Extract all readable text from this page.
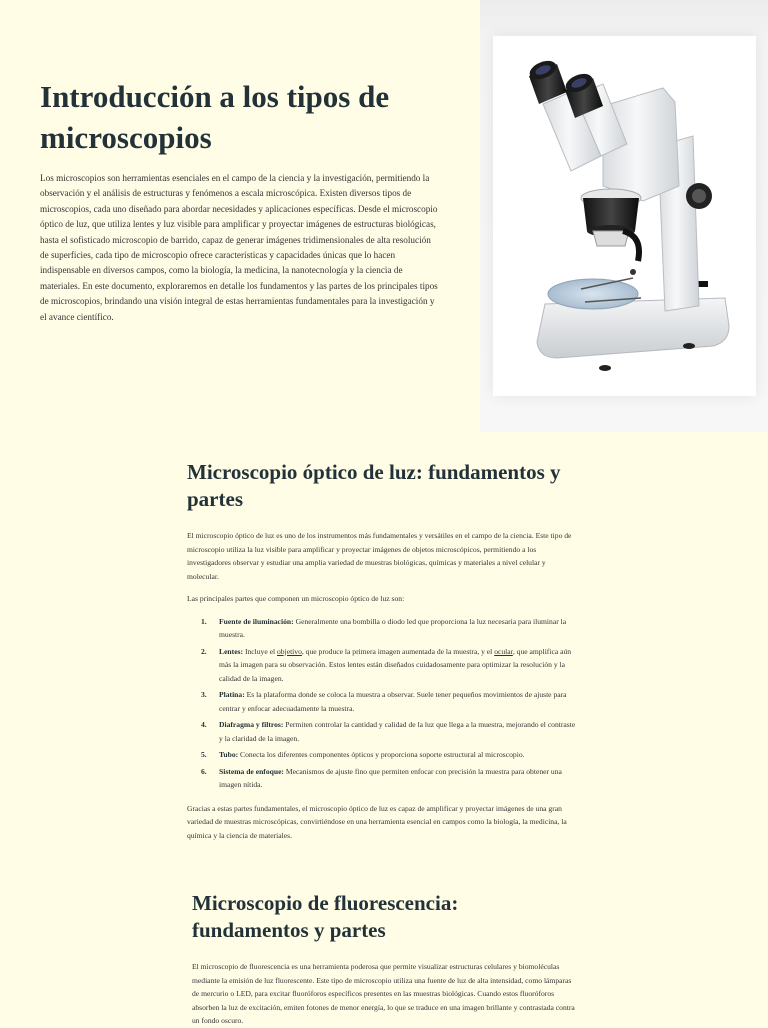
Introducción a los tipos de microscopios

Los microscopios son herramientas esenciales en el campo de la ciencia y la investigación, permitiendo la observación y el análisis de estructuras y fenómenos a escala microscópica. Existen diversos tipos de microscopios, cada uno diseñado para abordar necesidades y aplicaciones específicas. Desde el microscopio óptico de luz, que utiliza lentes y luz visible para amplificar y proyectar imágenes de estructuras biológicas, hasta el sofisticado microscopio de barrido, capaz de generar imágenes tridimensionales de alta resolución de superficies, cada tipo de microscopio ofrece características y capacidades únicas que lo hacen indispensable en diversos campos, como la biología, la medicina, la nanotecnología y la ciencia de materiales. En este documento, exploraremos en detalle los fundamentos y las partes de los principales tipos de microscopios, brindando una visión integral de estas herramientas fundamentales para la investigación y el avance científico.

Microscopio óptico de luz: fundamentos y partes

El microscopio óptico de luz es uno de los instrumentos más fundamentales y versátiles en el campo de la ciencia. Este tipo de microscopio utiliza la luz visible para amplificar y proyectar imágenes de objetos microscópicos, permitiendo a los investigadores observar y estudiar una amplia variedad de muestras biológicas, químicas y materiales a nivel celular y molecular.

Las principales partes que componen un microscopio óptico de luz son:

1. Fuente de iluminación: Generalmente una bombilla o diodo led que proporciona la luz necesaria para iluminar la muestra.
2. Lentes: Incluye el objetivo, que produce la primera imagen aumentada de la muestra, y el ocular, que amplifica aún más la imagen para su observación. Estos lentes están diseñados cuidadosamente para optimizar la resolución y la calidad de la imagen.
3. Platina: Es la plataforma donde se coloca la muestra a observar. Suele tener pequeños movimientos de ajuste para centrar y enfocar adecuadamente la muestra.
4. Diafragma y filtros: Permiten controlar la cantidad y calidad de la luz que llega a la muestra, mejorando el contraste y la claridad de la imagen.
5. Tubo: Conecta los diferentes componentes ópticos y proporciona soporte estructural al microscopio.
6. Sistema de enfoque: Mecanismos de ajuste fino que permiten enfocar con precisión la muestra para obtener una imagen nítida.

Gracias a estas partes fundamentales, el microscopio óptico de luz es capaz de amplificar y proyectar imágenes de una gran variedad de muestras microscópicas, convirtiéndose en una herramienta esencial en campos como la biología, la medicina, la química y la ciencia de materiales.

Microscopio de fluorescencia: fundamentos y partes

El microscopio de fluorescencia es una herramienta poderosa que permite visualizar estructuras celulares y biomoléculas mediante la emisión de luz fluorescente. Este tipo de microscopio utiliza una fuente de luz de alta intensidad, como lámparas de mercurio o LED, para excitar fluoróforos específicos presentes en las muestras biológicas. Cuando estos fluoróforos absorben la luz de excitación, emiten fotones de menor energía, lo que se traduce en una imagen brillante y contrastada contra un fondo oscuro.
